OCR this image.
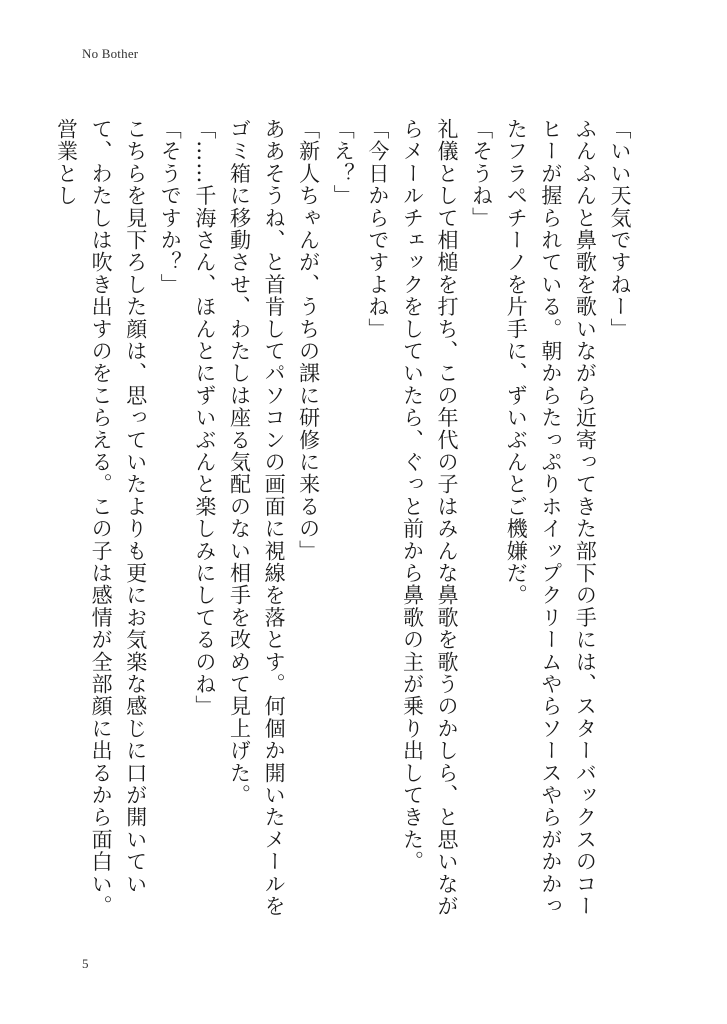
No Bother

「いい天気ですねー」

ふんふんと鼻歌を歌いながら近寄ってきた部下の手には、スターバックスのコーヒーが握られている。朝からたっぷりホイップクリームやらソースやらがかかったフラペチーノを片手に、ずいぶんとご機嫌だ。

「そうね」

礼儀として相槌を打ち、この年代の子はみんな鼻歌を歌うのかしら、と思いながらメールチェックをしていたら、ぐっと前から鼻歌の主が乗り出してきた。

「今日からですよね」

「え？」

「新人ちゃんが、うちの課に研修に来るの」

ああそうね、と首肯してパソコンの画面に視線を落とす。何個か開いたメールをゴミ箱に移動させ、わたしは座る気配のない相手を改めて見上げた。

「……千海さん、ほんとにずいぶんと楽しみにしてるのね」

「そうですか？」

こちらを見下ろした顔は、思っていたよりも更にお気楽な感じに口が開いていて、わたしは吹き出すのをこらえる。この子は感情が全部顔に出るから面白い。営業とし

5
